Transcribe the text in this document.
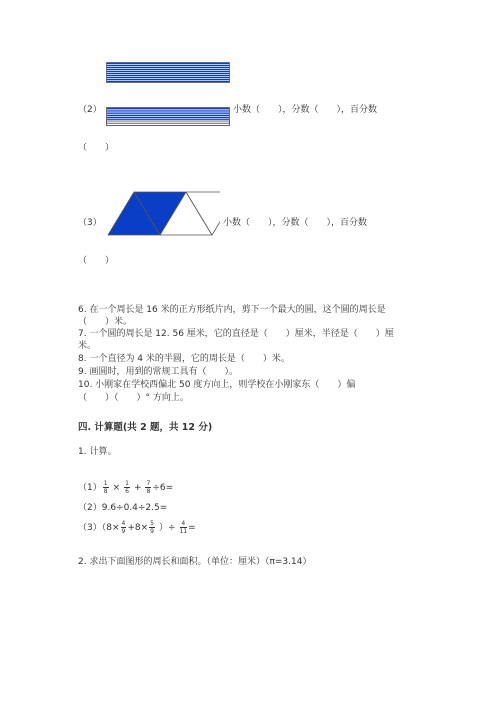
（2）	小数（　　），分数（　　），百分数
（　　）
（3）	小数（　　），分数（　　），百分数
（　　）
6. 在一个周长是 16 米的正方形纸片内，剪下一个最大的圆，这个圆的周长是
（　　）米。
7. 一个圆的周长是 12. 56 厘米，它的直径是（　　）厘米，半径是（　　）厘
米。
8. 一个直径为 4 米的半圆，它的周长是（　　）米。
9. 画圆时，用到的常规工具有（　　）。
10. 小刚家在学校西偏北 50 度方向上，则学校在小刚家东（　　）偏
（　　）（　　）° 方向上。
四. 计算题(共 2 题，共 12 分)
1. 计算。
$(1) \frac{1}{8} \times \frac{1}{6} + \frac{7}{8} \div 6=$
（2）9.6÷0.4÷2.5=
$(3)(8\times \frac{4}{9} +8\times \frac{5}{9}$ ）÷ $\frac{4}{11}$ =
2. 求出下面图形的周长和面积。（单位：厘米）（π=3.14）
